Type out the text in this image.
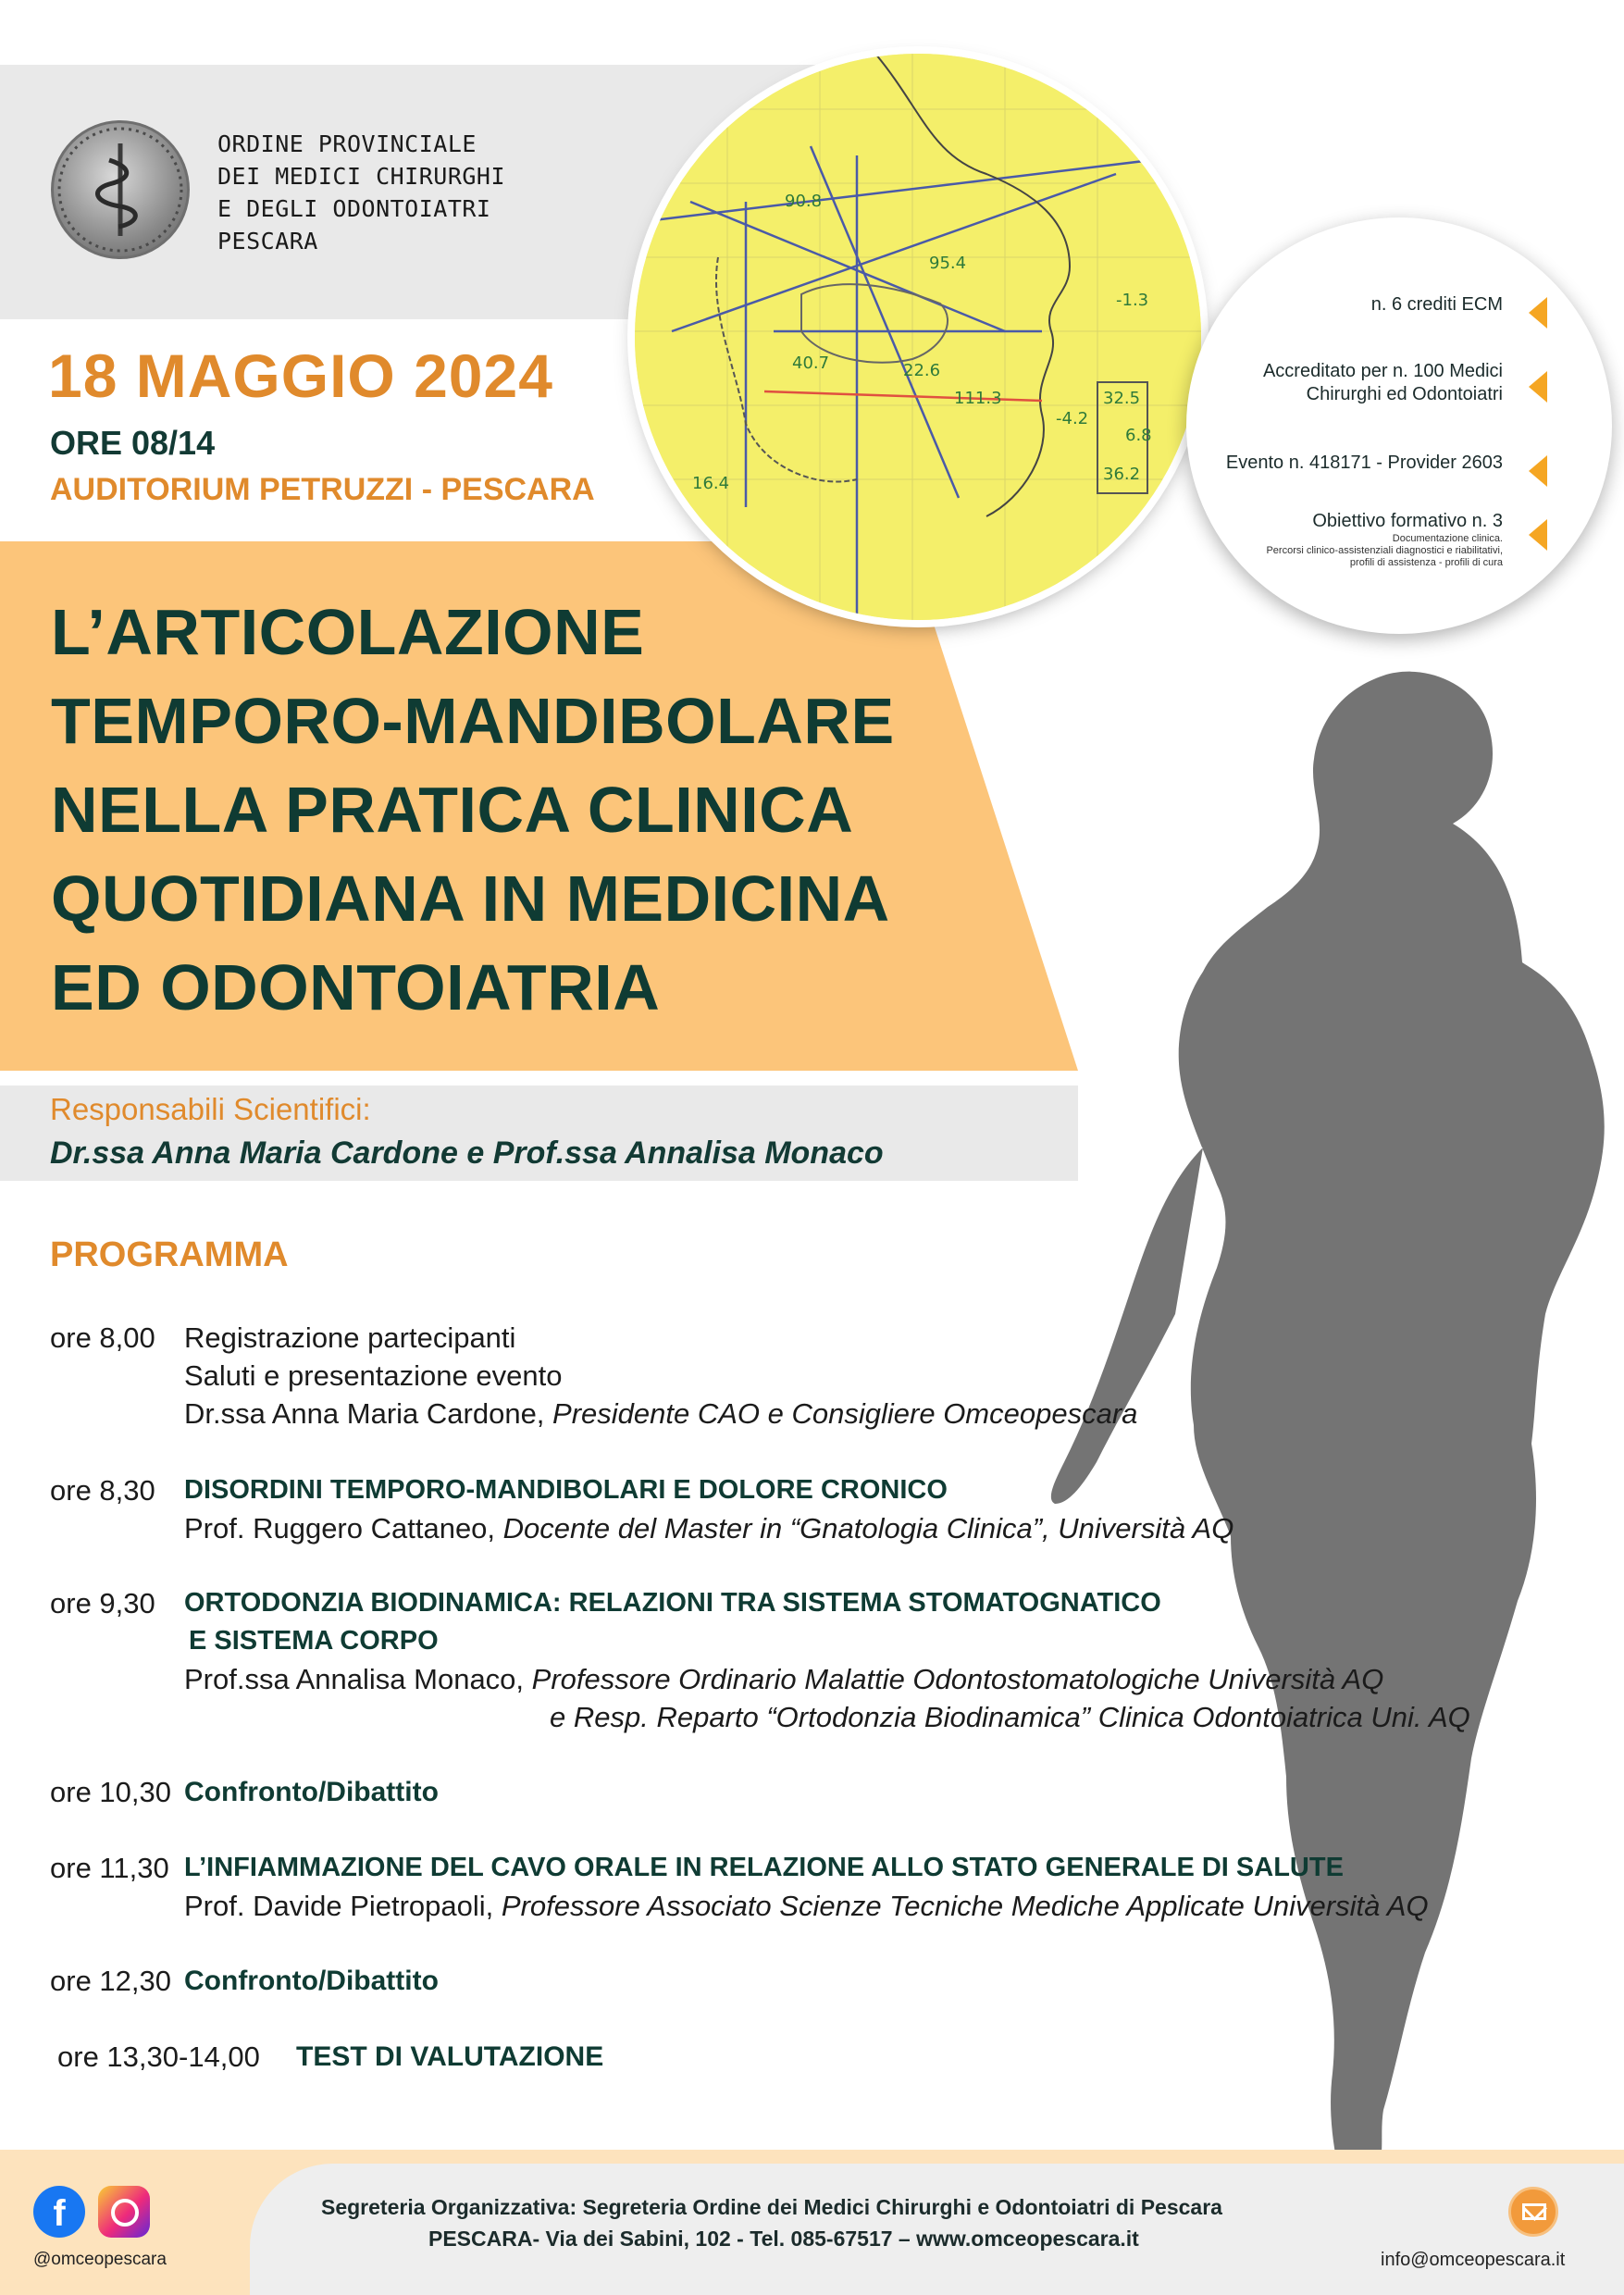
ORDINE PROVINCIALE
DEI MEDICI CHIRURGHI
E DEGLI ODONTOIATRI
PESCARA
18 MAGGIO 2024
ORE 08/14
AUDITORIUM PETRUZZI - PESCARA
90.8
95.4
-1.3
40.7	22.6
111.3
-4.2
32.5
6.8
36.2
16.4
n. 6 crediti ECM
Accreditato per n. 100 Medici
Chirurghi ed Odontoiatri
Evento n. 418171 - Provider 2603
Obiettivo formativo n. 3
Documentazione clinica.
Percorsi clinico-assistenziali diagnostici e riabilitativi,
profili di assistenza - profili di cura
L’ARTICOLAZIONE
TEMPORO-MANDIBOLARE
NELLA PRATICA CLINICA
QUOTIDIANA IN MEDICINA
ED ODONTOIATRIA
Responsabili Scientifici:
Dr.ssa Anna Maria Cardone e Prof.ssa Annalisa Monaco
PROGRAMMA
ore 8,00 Registrazione partecipanti
Saluti e presentazione evento
Dr.ssa Anna Maria Cardone, Presidente CAO e Consigliere Omceopescara
ore 8,30 DISORDINI TEMPORO-MANDIBOLARI E DOLORE CRONICO
Prof. Ruggero Cattaneo, Docente del Master in “Gnatologia Clinica”, Università AQ
ore 9,30 ORTODONZIA BIODINAMICA: RELAZIONI TRA SISTEMA STOMATOGNATICO
E SISTEMA CORPO
Prof.ssa Annalisa Monaco, Professore Ordinario Malattie Odontostomatologiche Università AQ
e Resp. Reparto “Ortodonzia Biodinamica” Clinica Odontoiatrica Uni. AQ
ore 10,30 Confronto/Dibattito
ore 11,30 L’INFIAMMAZIONE DEL CAVO ORALE IN RELAZIONE ALLO STATO GENERALE DI SALUTE
Prof. Davide Pietropaoli, Professore Associato Scienze Tecniche Mediche Applicate Università AQ
ore 12,30 Confronto/Dibattito
ore 13,30-14,00 TEST DI VALUTAZIONE
f
@omceopescara
Segreteria Organizzativa: Segreteria Ordine dei Medici Chirurghi e Odontoiatri di Pescara
PESCARA- Via dei Sabini, 102 - Tel. 085-67517 – www.omceopescara.it
info@omceopescara.it
